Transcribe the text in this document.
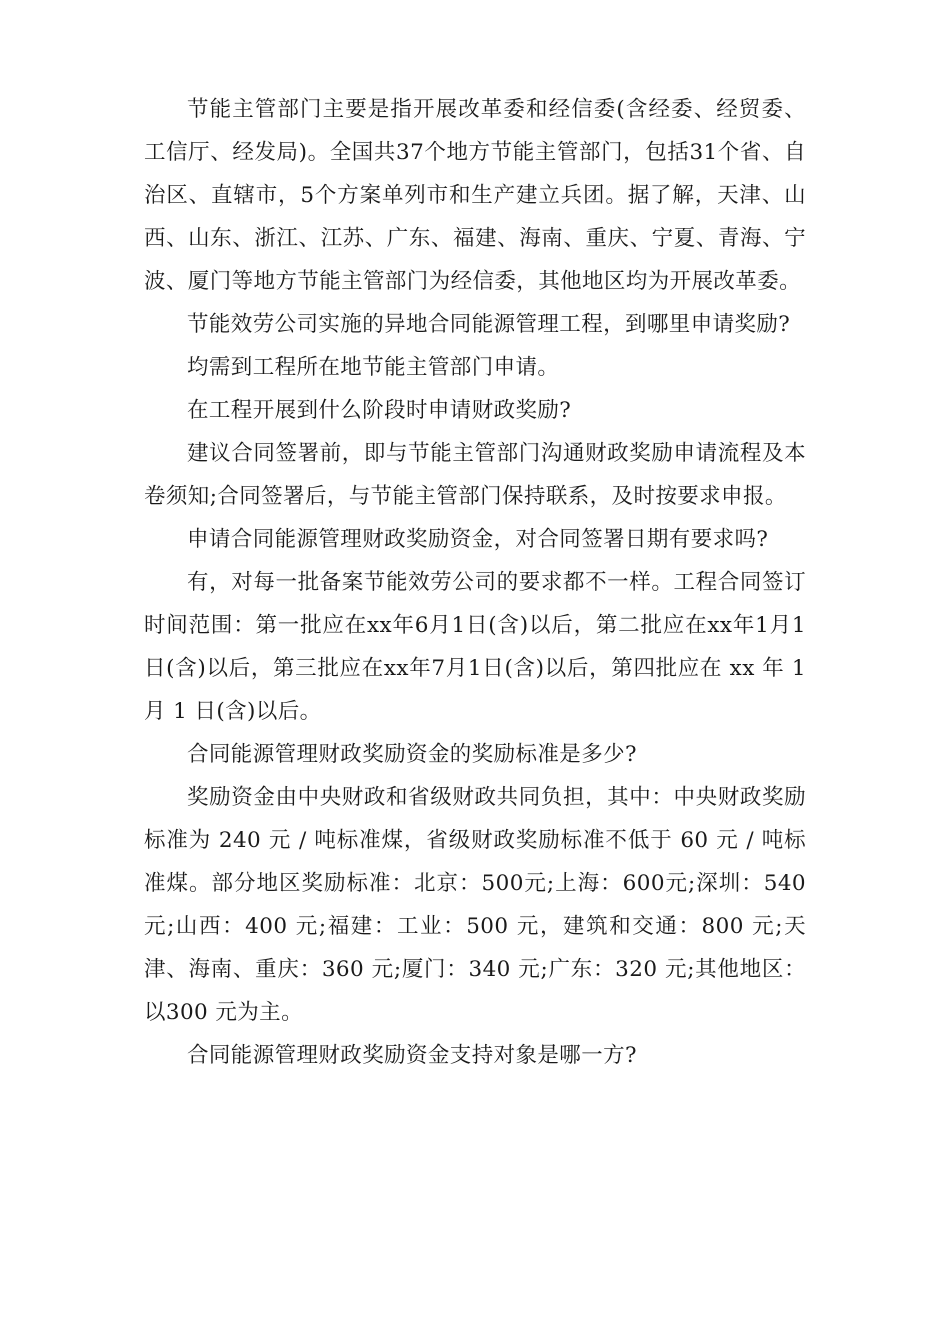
节能主管部门主要是指开展改革委和经信委(含经委、经贸委、工信厅、经发局)。全国共37个地方节能主管部门，包括31个省、自治区、直辖市，5个方案单列市和生产建立兵团。据了解，天津、山西、山东、浙江、江苏、广东、福建、海南、重庆、宁夏、青海、宁波、厦门等地方节能主管部门为经信委，其他地区均为开展改革委。

节能效劳公司实施的异地合同能源管理工程，到哪里申请奖励?

均需到工程所在地节能主管部门申请。

在工程开展到什么阶段时申请财政奖励?

建议合同签署前，即与节能主管部门沟通财政奖励申请流程及本卷须知;合同签署后，与节能主管部门保持联系，及时按要求申报。

申请合同能源管理财政奖励资金，对合同签署日期有要求吗?

有，对每一批备案节能效劳公司的要求都不一样。工程合同签订时间范围：第一批应在xx年6月1日(含)以后，第二批应在xx年1月1日(含)以后，第三批应在xx年7月1日(含)以后，第四批应在 xx 年 1 月 1 日(含)以后。

合同能源管理财政奖励资金的奖励标准是多少?

奖励资金由中央财政和省级财政共同负担，其中：中央财政奖励标准为 240 元 / 吨标准煤，省级财政奖励标准不低于 60 元 / 吨标准煤。部分地区奖励标准：北京：500元;上海：600元;深圳：540元;山西：400 元;福建：工业：500 元，建筑和交通：800 元;天津、海南、重庆：360 元;厦门：340 元;广东：320 元;其他地区：以300 元为主。

合同能源管理财政奖励资金支持对象是哪一方?
